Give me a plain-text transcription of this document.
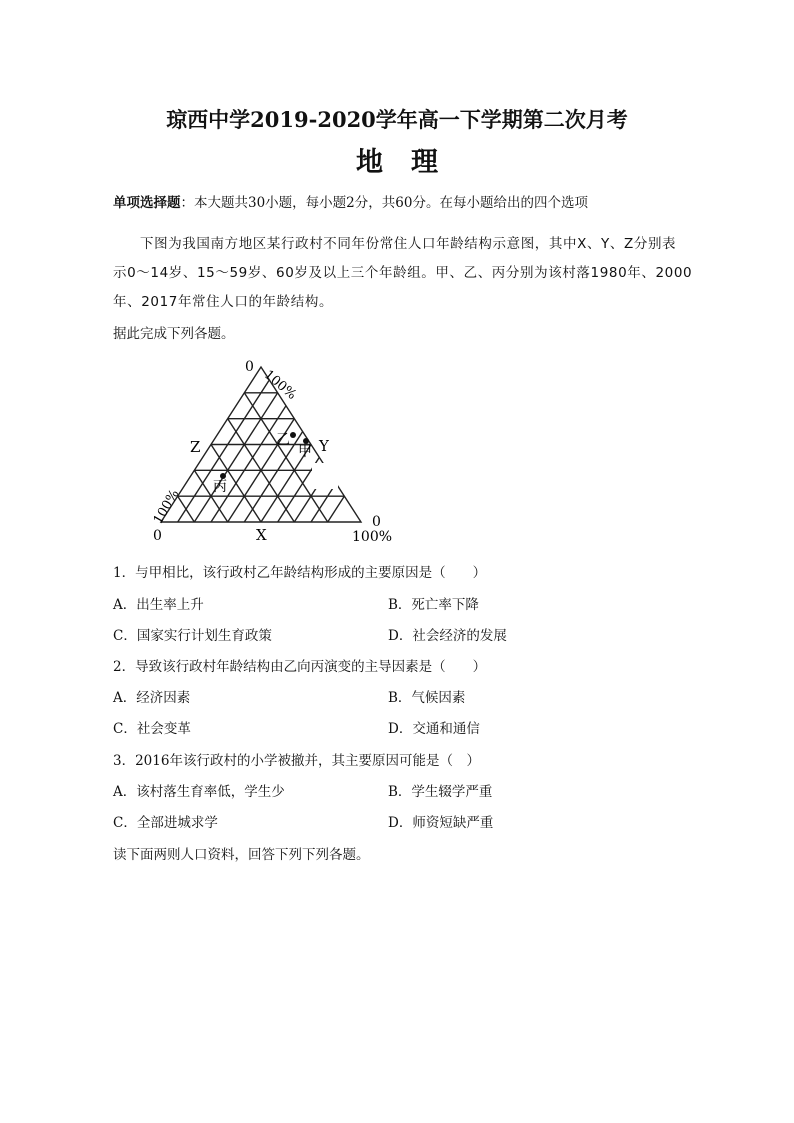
琼西中学2019-2020学年高一下学期第二次月考
地理
单项选择题：本大题共30小题，每小题2分，共60分。在每小题给出的四个选项
下图为我国南方地区某行政村不同年份常住人口年龄结构示意图，其中X、Y、Z分别表
示0～14岁、15～59岁、60岁及以上三个年龄组。甲、乙、丙分别为该村落1980年、2000
年、2017年常住人口的年龄结构。
据此完成下列各题。
0
100%
100%
0
0
100%
X
Y
Z	乙
甲
丙
1．与甲相比，该行政村乙年龄结构形成的主要原因是（　　）
A．出生率上升	B．死亡率下降
C．国家实行计划生育政策	D．社会经济的发展
2．导致该行政村年龄结构由乙向丙演变的主导因素是（　　）
A．经济因素	B．气候因素
C．社会变革	D．交通和通信
3．2016年该行政村的小学被撤并，其主要原因可能是（　）
A．该村落生育率低，学生少	B．学生辍学严重
C．全部进城求学	D．师资短缺严重
读下面两则人口资料，回答下列下列各题。
